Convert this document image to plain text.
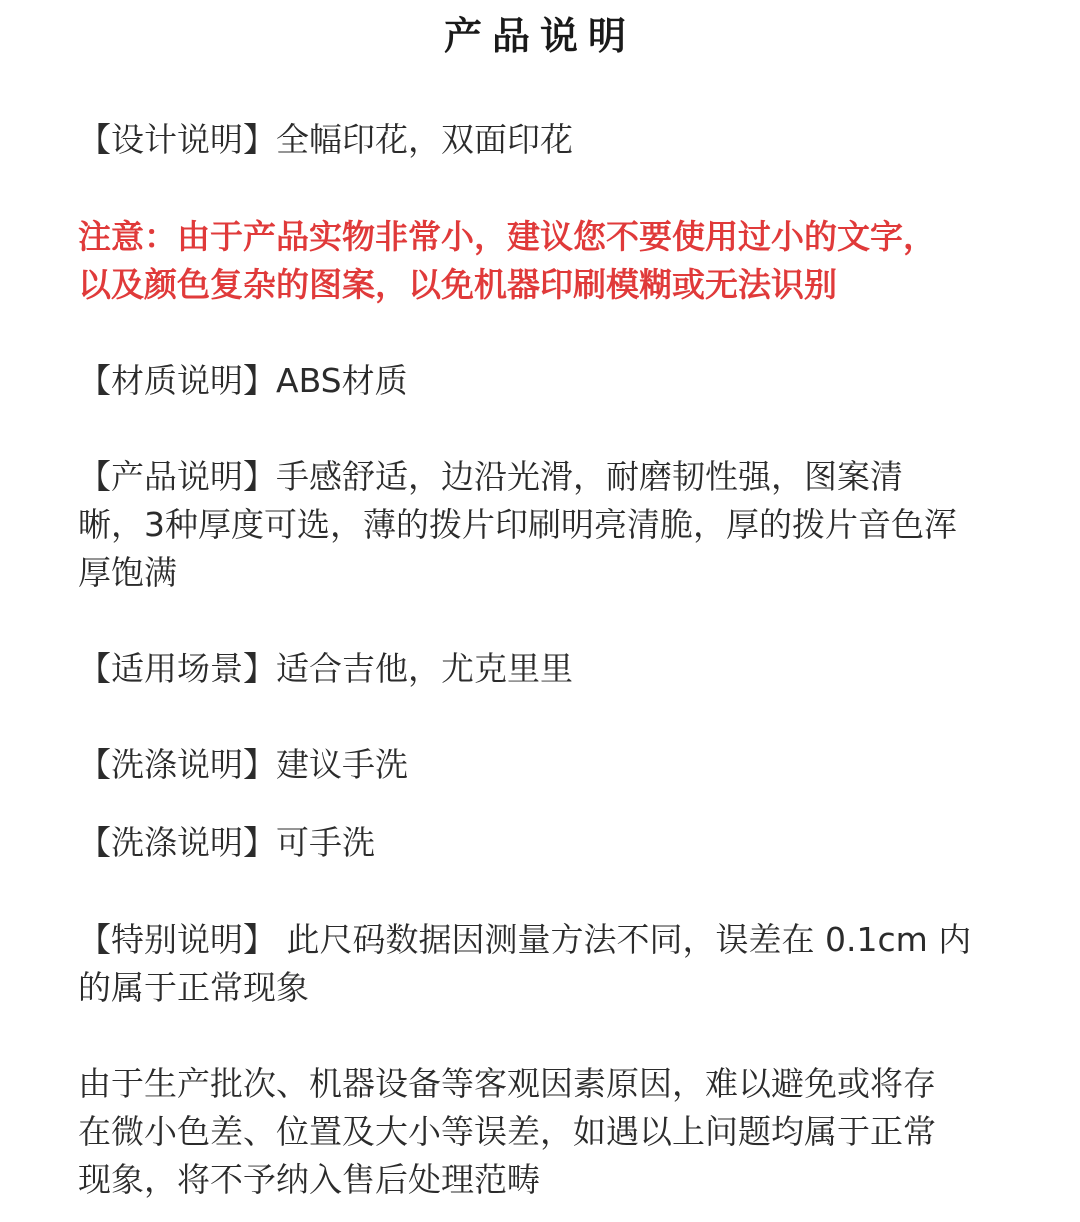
产品说明
【设计说明】全幅印花，双面印花
注意：由于产品实物非常小，建议您不要使用过小的文字，
以及颜色复杂的图案，以免机器印刷模糊或无法识别
【材质说明】ABS材质
【产品说明】手感舒适，边沿光滑，耐磨韧性强，图案清
晰，3种厚度可选，薄的拨片印刷明亮清脆，厚的拨片音色浑
厚饱满
【适用场景】适合吉他，尤克里里
【洗涤说明】建议手洗
【洗涤说明】可手洗
【特别说明】 此尺码数据因测量方法不同，误差在 0.1cm 内
的属于正常现象
由于生产批次、机器设备等客观因素原因，难以避免或将存
在微小色差、位置及大小等误差，如遇以上问题均属于正常
现象，将不予纳入售后处理范畴
